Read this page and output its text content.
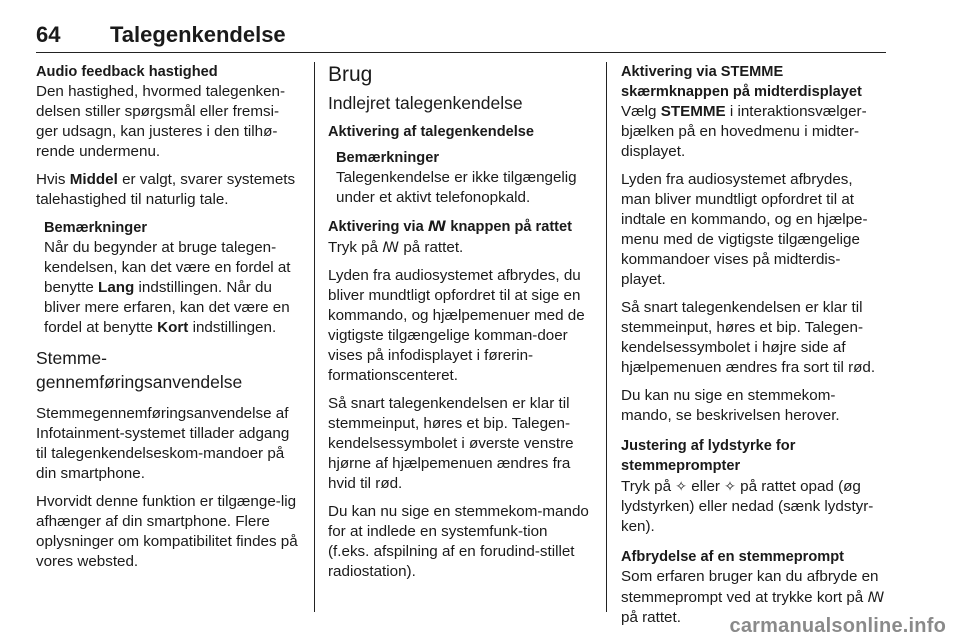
64 Talegenkendelse
Audio feedback hastighed

Den hastighed, hvormed talegenken-delsen stiller spørgsmål eller fremsi-ger udsagn, kan justeres i den tilhø-rende undermenu.

Hvis Middel er valgt, svarer systemets talehastighed til naturlig tale.

Bemærkninger
Når du begynder at bruge talegen-kendelsen, kan det være en fordel at benytte Lang indstillingen. Når du bliver mere erfaren, kan det være en fordel at benytte Kort indstillingen.
Stemme-gennemføringsanvendelse

Stemmegennemføringsanvendelse af Infotainment-systemet tillader adgang til talegenkendelseskom-mandoer på din smartphone.

Hvorvidt denne funktion er tilgænge-lig afhænger af din smartphone. Flere oplysninger om kompatibilitet findes på vores websted.

Brug
Indlejret talegenkendelse
Aktivering af talegenkendelse
Bemærkninger
Talegenkendelse er ikke tilgængelig under et aktivt telefonopkald.
Aktivering via ꟿ knappen på rattet

Tryk på ꟿ på rattet.

Lyden fra audiosystemet afbrydes, du bliver mundtligt opfordret til at sige en kommando, og hjælpemenuer med de vigtigste tilgængelige komman-doer vises på infodisplayet i førerin-formationscenteret.

Så snart talegenkendelsen er klar til stemmeinput, høres et bip. Talegen-kendelsessymbolet i øverste venstre hjørne af hjælpemenuen ændres fra hvid til rød.

Du kan nu sige en stemmekom-mando for at indlede en systemfunk-tion (f.eks. afspilning af en forudind-stillet radiostation).

Aktivering via STEMME skærmknappen på midterdisplayet

Vælg STEMME i interaktionsvælger-bjælken på en hovedmenu i midter-displayet.

Lyden fra audiosystemet afbrydes, man bliver mundtligt opfordret til at indtale en kommando, og en hjælpe-menu med de vigtigste tilgængelige kommandoer vises på midterdis-playet.

Så snart talegenkendelsen er klar til stemmeinput, høres et bip. Talegen-kendelsessymbolet i højre side af hjælpemenuen ændres fra sort til rød.

Du kan nu sige en stemmekom-mando, se beskrivelsen herover.

Justering af lydstyrke for stemmeprompter

Tryk på ✧ eller ✧ på rattet opad (øg lydstyrken) eller nedad (sænk lydstyr-ken).

Afbrydelse af en stemmeprompt

Som erfaren bruger kan du afbryde en stemmeprompt ved at trykke kort på ꟿ på rattet.	carmanualsonline.info
